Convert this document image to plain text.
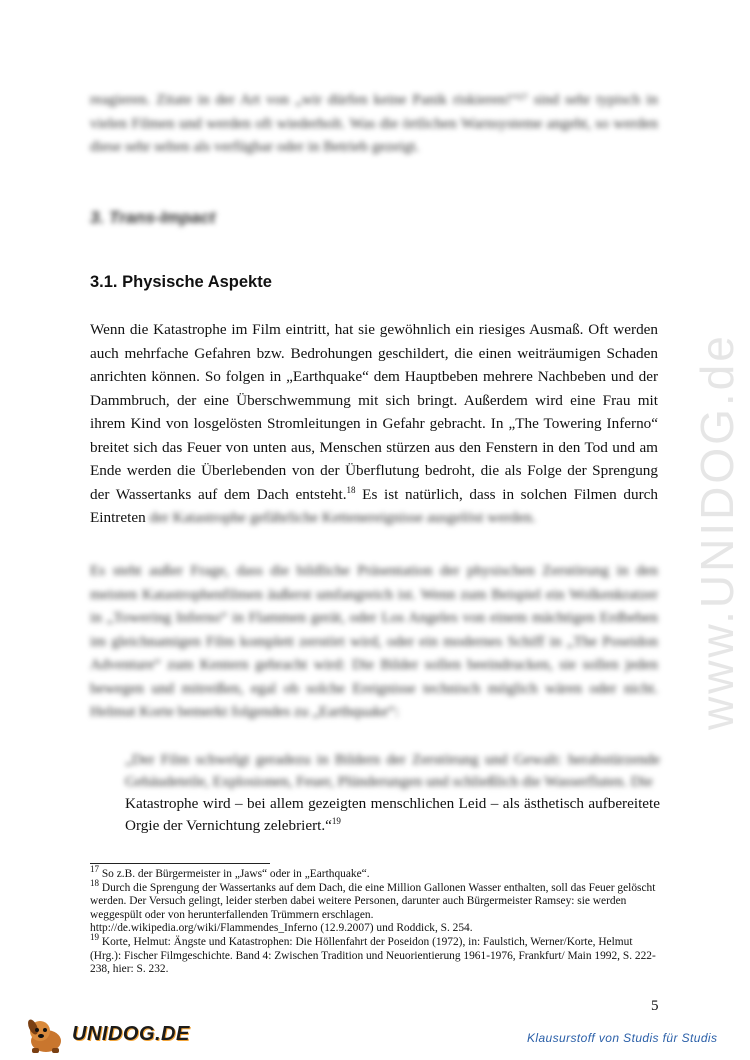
www.UNIDOG.de
reagieren. Zitate in der Art von „wir dürfen keine Panik riskieren!“¹⁷ sind sehr typisch in vielen Filmen und werden oft wiederholt. Was die örtlichen Warnsysteme angeht, so werden diese sehr selten als verfügbar oder in Betrieb gezeigt.
3. Trans-Impact
3.1. Physische Aspekte
Wenn die Katastrophe im Film eintritt, hat sie gewöhnlich ein riesiges Ausmaß. Oft werden auch mehrfache Gefahren bzw. Bedrohungen geschildert, die einen weiträumigen Schaden anrichten können. So folgen in „Earthquake“ dem Hauptbeben mehrere Nachbeben und der Dammbruch, der eine Überschwemmung mit sich bringt. Außerdem wird eine Frau mit ihrem Kind von losgelösten Stromleitungen in Gefahr gebracht. In „The Towering Inferno“ breitet sich das Feuer von unten aus, Menschen stürzen aus den Fenstern in den Tod und am Ende werden die Überlebenden von der Überflutung bedroht, die als Folge der Sprengung der Wassertanks auf dem Dach entsteht.$^{18}$ Es ist natürlich, dass in solchen Filmen durch Eintreten der Katastrophe gefährliche Kettenereignisse ausgelöst werden.
Es steht außer Frage, dass die bildliche Präsentation der physischen Zerstörung in den meisten Katastrophenfilmen äußerst umfangreich ist. Wenn zum Beispiel ein Wolkenkratzer in „Towering Inferno“ in Flammen gerät, oder Los Angeles von einem mächtigen Erdbeben im gleichnamigen Film komplett zerstört wird, oder ein modernes Schiff in „The Poseidon Adventure“ zum Kentern gebracht wird: Die Bilder sollen beeindrucken, sie sollen jeden bewegen und mitreißen, egal ob solche Ereignisse technisch möglich wären oder nicht. Helmut Korte bemerkt folgendes zu „Earthquake“:
„Der Film schwelgt geradezu in Bildern der Zerstörung und Gewalt: herabstürzende Gebäudeteile, Explosionen, Feuer, Plünderungen und schließlich die Wasserfluten. Die
Katastrophe wird – bei allem gezeigten menschlichen Leid – als ästhetisch aufbereitete Orgie der Vernichtung zelebriert.“$^{19}$

$^{17}$ So z.B. der Bürgermeister in „Jaws“ oder in „Earthquake“.

$^{18}$ Durch die Sprengung der Wassertanks auf dem Dach, die eine Million Gallonen Wasser enthalten, soll das Feuer gelöscht werden. Der Versuch gelingt, leider sterben dabei weitere Personen, darunter auch Bürgermeister Ramsey: sie werden weggespült oder von herunterfallenden Trümmern erschlagen.
http://de.wikipedia.org/wiki/Flammendes_Inferno (12.9.2007) und Roddick, S. 254.

$^{19}$ Korte, Helmut: Ängste und Katastrophen: Die Höllenfahrt der Poseidon (1972), in: Faulstich, Werner/Korte, Helmut (Hrg.): Fischer Filmgeschichte. Band 4: Zwischen Tradition und Neuorientierung 1961-1976, Frankfurt/ Main 1992, S. 222-238, hier: S. 232.

5
UNIDOG.DE	Klausurstoff von Studis für Studis
